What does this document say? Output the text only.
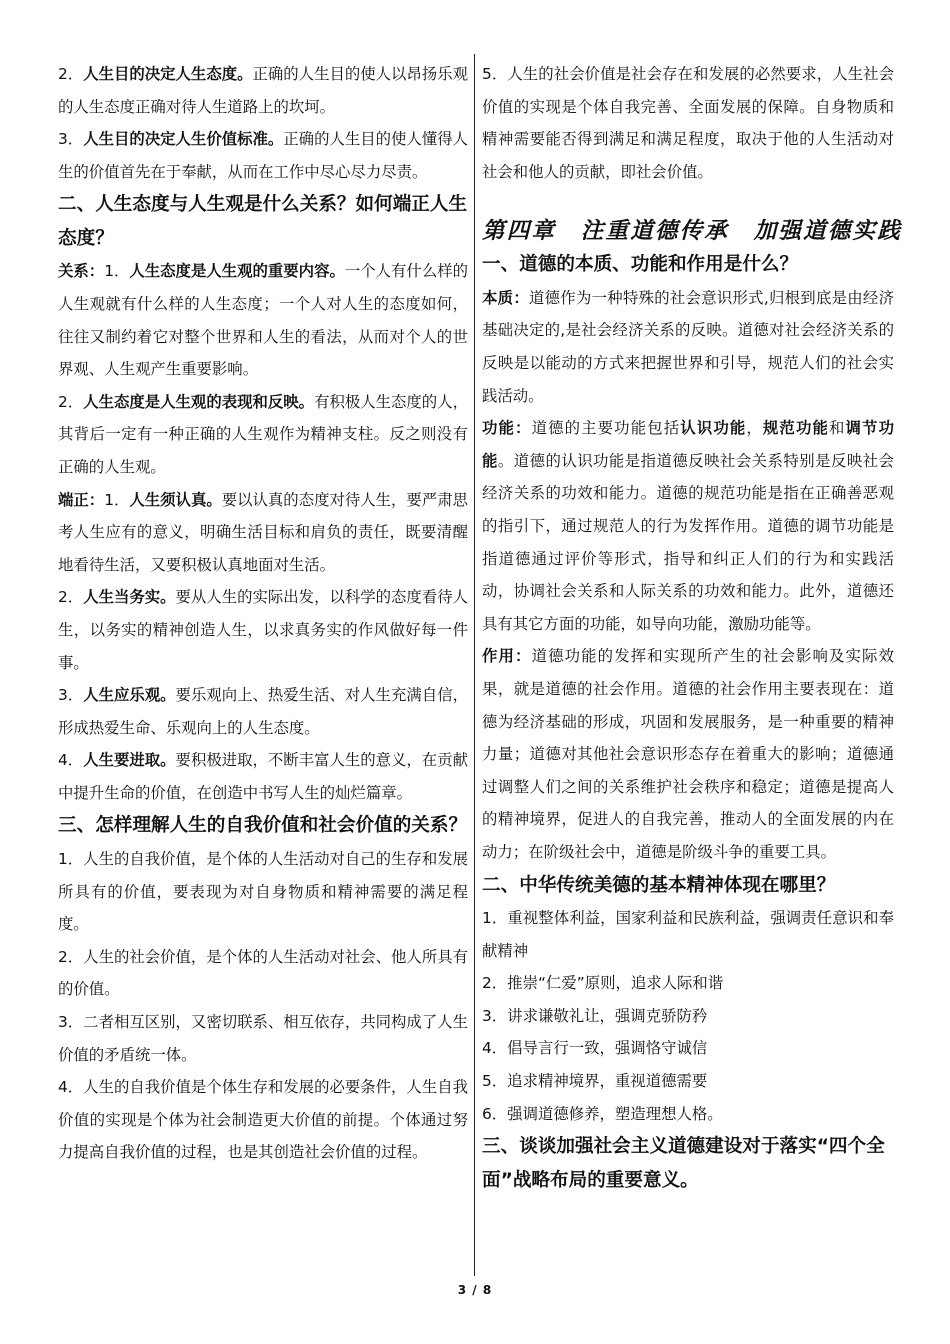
2．人生目的决定人生态度。正确的人生目的使人以昂扬乐观的人生态度正确对待人生道路上的坎坷。

3．人生目的决定人生价值标准。正确的人生目的使人懂得人生的价值首先在于奉献，从而在工作中尽心尽力尽责。

二、人生态度与人生观是什么关系？如何端正人生态度？

关系：1．人生态度是人生观的重要内容。一个人有什么样的人生观就有什么样的人生态度；一个人对人生的态度如何，往往又制约着它对整个世界和人生的看法，从而对个人的世界观、人生观产生重要影响。

2．人生态度是人生观的表现和反映。有积极人生态度的人，其背后一定有一种正确的人生观作为精神支柱。反之则没有正确的人生观。

端正：1．人生须认真。要以认真的态度对待人生，要严肃思考人生应有的意义，明确生活目标和肩负的责任，既要清醒地看待生活，又要积极认真地面对生活。

2．人生当务实。要从人生的实际出发，以科学的态度看待人生，以务实的精神创造人生，以求真务实的作风做好每一件事。

3．人生应乐观。要乐观向上、热爱生活、对人生充满自信，形成热爱生命、乐观向上的人生态度。

4．人生要进取。要积极进取，不断丰富人生的意义，在贡献中提升生命的价值，在创造中书写人生的灿烂篇章。

三、怎样理解人生的自我价值和社会价值的关系？

1．人生的自我价值，是个体的人生活动对自己的生存和发展所具有的价值，要表现为对自身物质和精神需要的满足程度。

2．人生的社会价值，是个体的人生活动对社会、他人所具有的价值。

3．二者相互区别，又密切联系、相互依存，共同构成了人生价值的矛盾统一体。

4．人生的自我价值是个体生存和发展的必要条件，人生自我价值的实现是个体为社会制造更大价值的前提。个体通过努力提高自我价值的过程，也是其创造社会价值的过程。

5．人生的社会价值是社会存在和发展的必然要求，人生社会价值的实现是个体自我完善、全面发展的保障。自身物质和精神需要能否得到满足和满足程度，取决于他的人生活动对社会和他人的贡献，即社会价值。

第四章　注重道德传承　加强道德实践

一、道德的本质、功能和作用是什么？

本质：道德作为一种特殊的社会意识形式,归根到底是由经济基础决定的,是社会经济关系的反映。道德对社会经济关系的反映是以能动的方式来把握世界和引导，规范人们的社会实践活动。

功能：道德的主要功能包括认识功能，规范功能和调节功能。道德的认识功能是指道德反映社会关系特别是反映社会经济关系的功效和能力。道德的规范功能是指在正确善恶观的指引下，通过规范人的行为发挥作用。道德的调节功能是指道德通过评价等形式，指导和纠正人们的行为和实践活动，协调社会关系和人际关系的功效和能力。此外，道德还具有其它方面的功能，如导向功能，激励功能等。

作用：道德功能的发挥和实现所产生的社会影响及实际效果，就是道德的社会作用。道德的社会作用主要表现在：道德为经济基础的形成，巩固和发展服务，是一种重要的精神力量；道德对其他社会意识形态存在着重大的影响；道德通过调整人们之间的关系维护社会秩序和稳定；道德是提高人的精神境界，促进人的自我完善，推动人的全面发展的内在动力；在阶级社会中，道德是阶级斗争的重要工具。

二、中华传统美德的基本精神体现在哪里？

1．重视整体利益，国家利益和民族利益，强调责任意识和奉献精神

2．推崇“仁爱”原则，追求人际和谐

3．讲求谦敬礼让，强调克骄防矜

4．倡导言行一致，强调恪守诚信

5．追求精神境界，重视道德需要

6．强调道德修养，塑造理想人格。

三、谈谈加强社会主义道德建设对于落实“四个全面”战略布局的重要意义。

3 / 8
